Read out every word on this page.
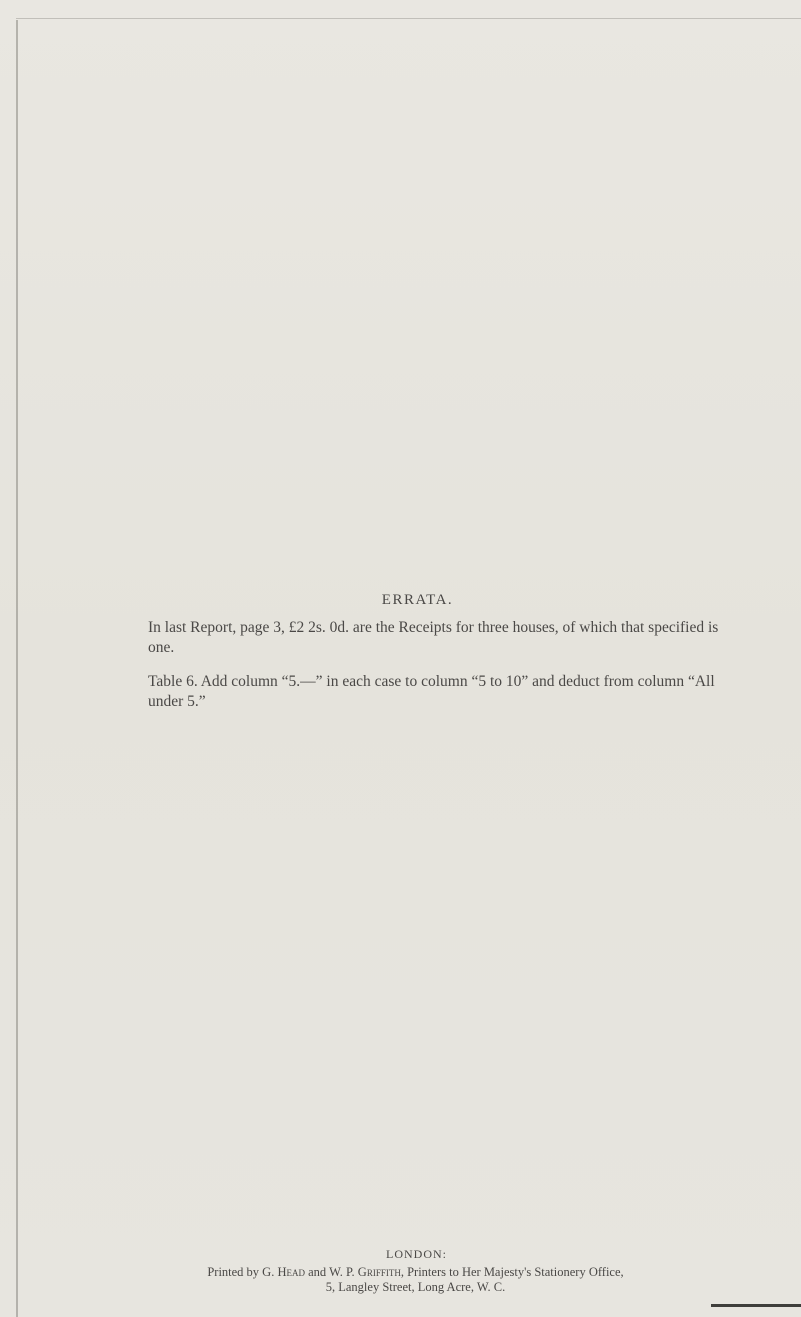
ERRATA.
In last Report, page 3, £2 2s. 0d. are the Receipts for three houses, of which that specified is one.
Table 6. Add column “5.—” in each case to column “5 to 10” and deduct from column “All under 5.”
LONDON:
Printed by G. Head and W. P. Griffith, Printers to Her Majesty's Stationery Office,
5, Langley Street, Long Acre, W. C.
